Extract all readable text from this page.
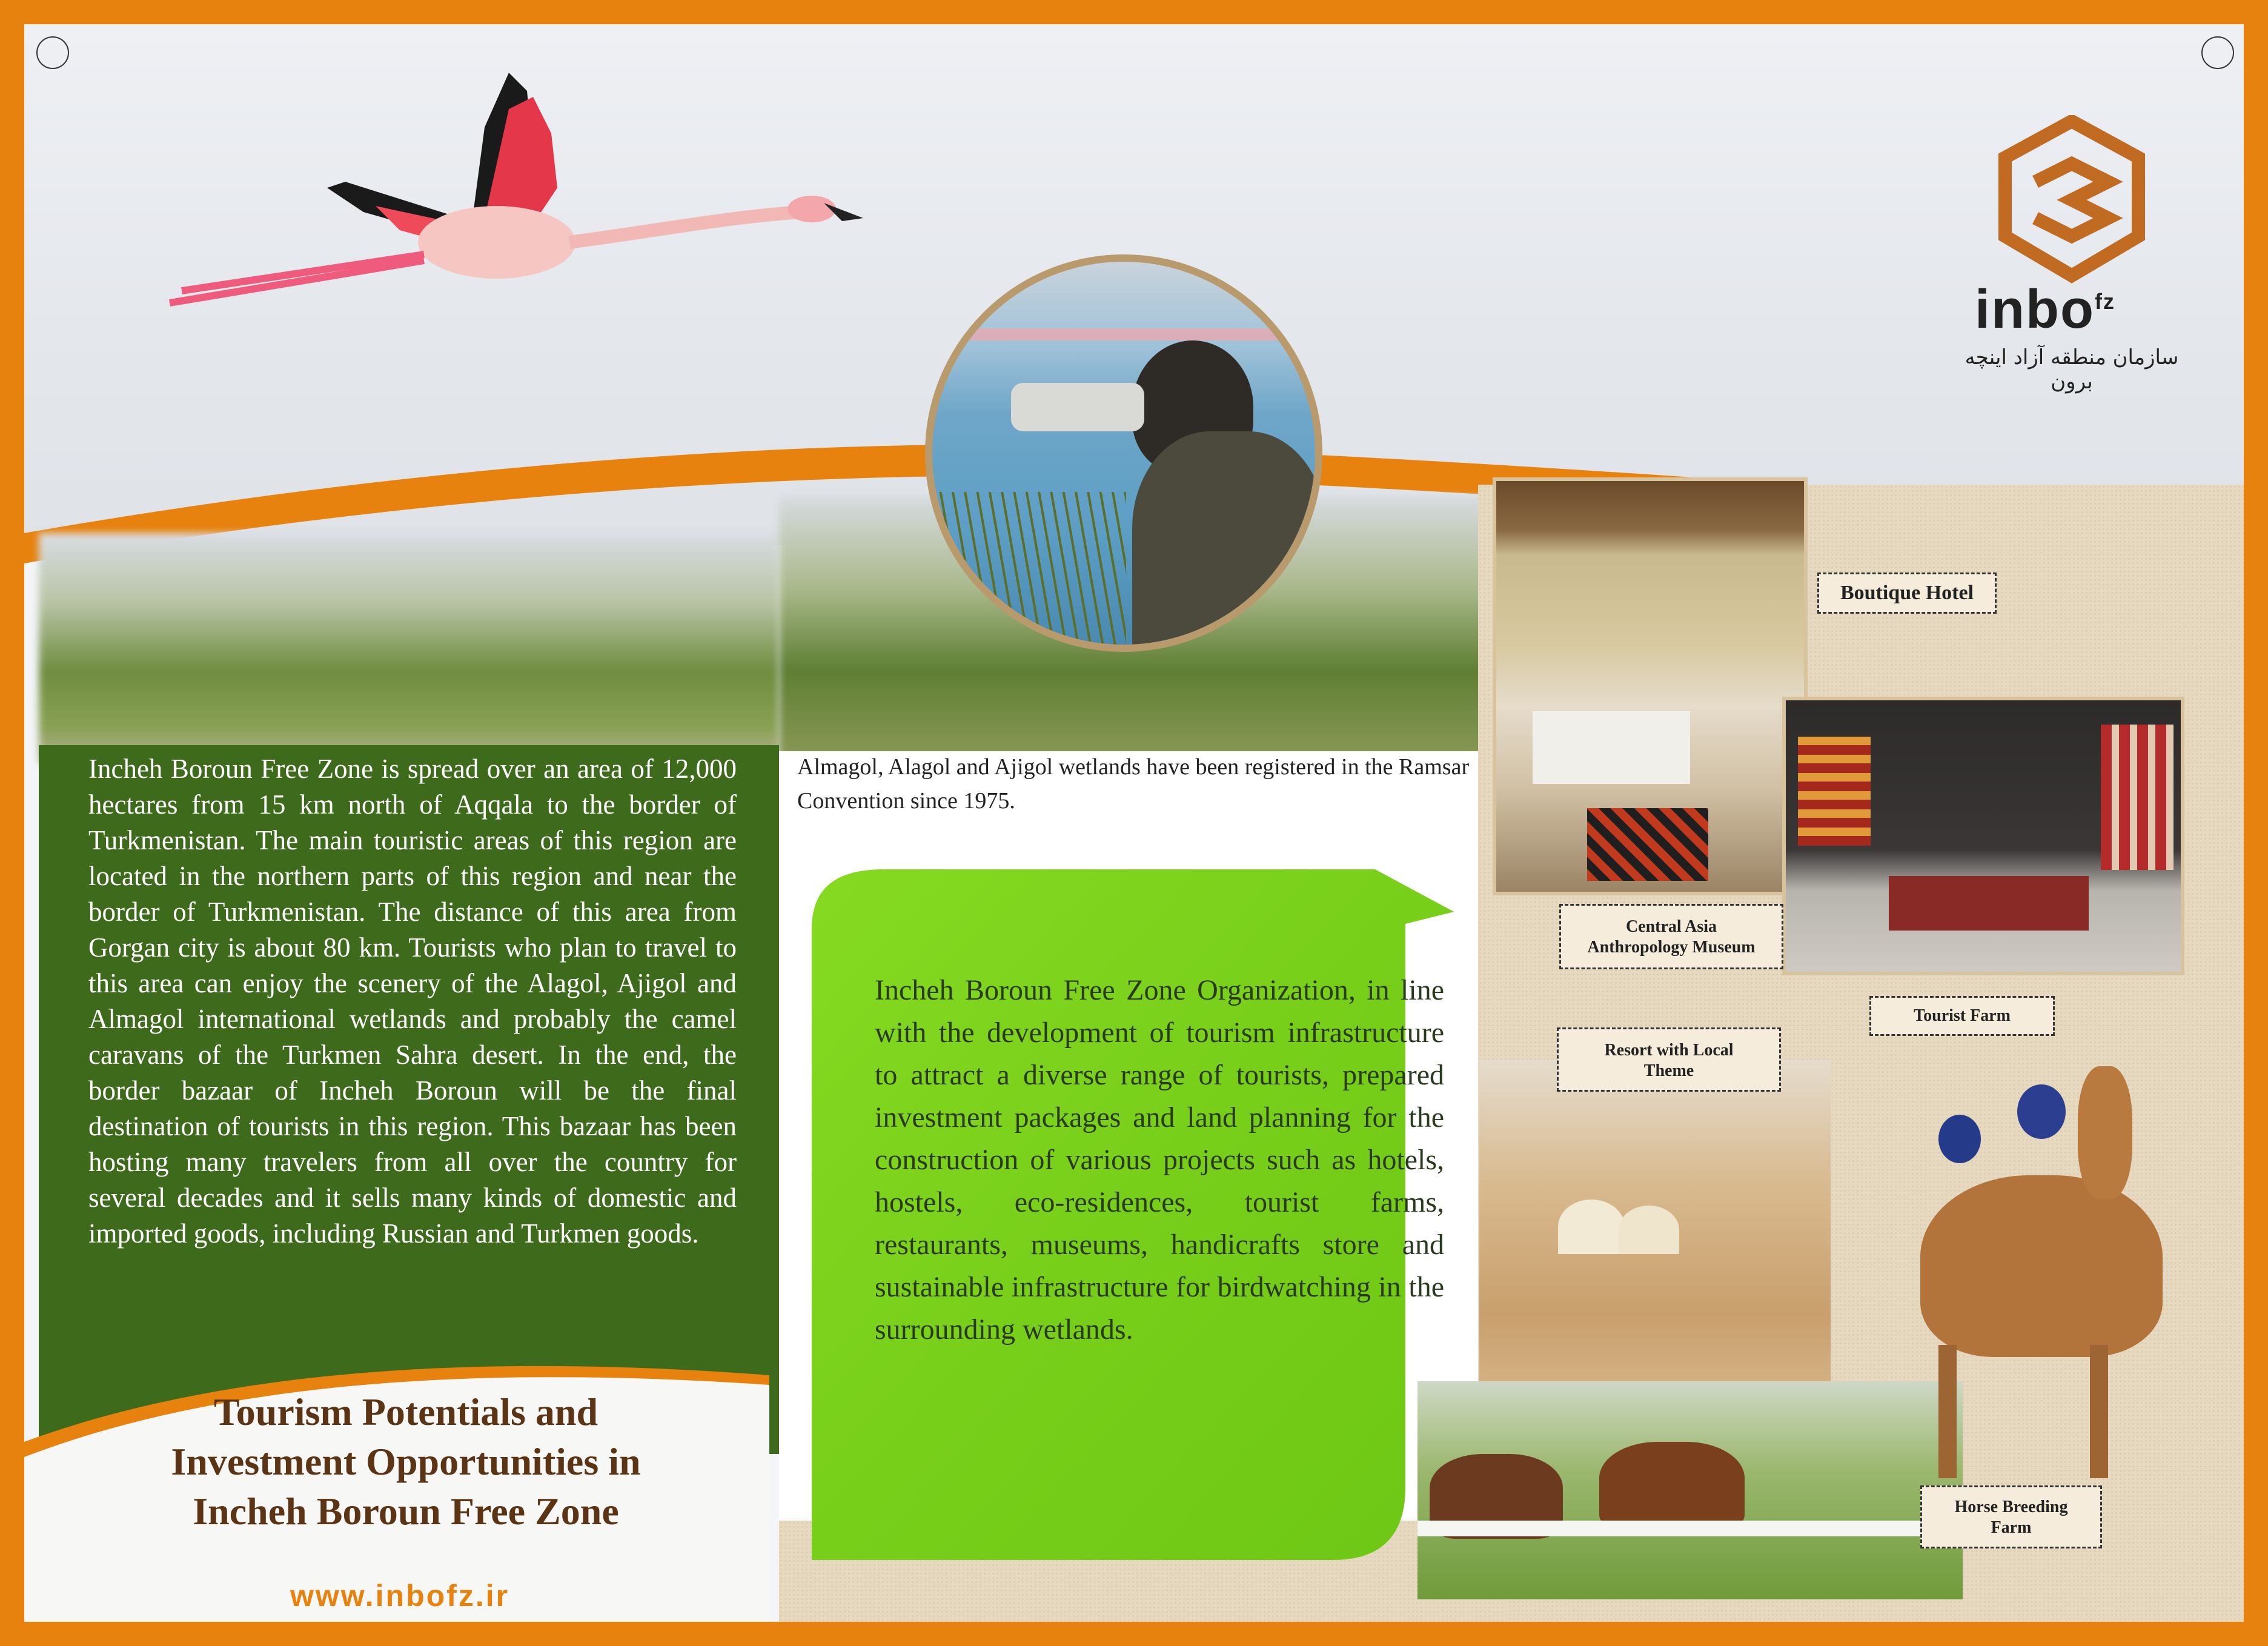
inbo$^{fz}$
سازمان منطقه آزاد اینچه برون
Incheh Boroun Free Zone is spread over an area of 12,000 hectares from 15 km north of Aqqala to the border of Turkmenistan. The main touristic areas of this region are located in the northern parts of this region and near the border of Turkmenistan. The distance of this area from Gorgan city is about 80 km. Tourists who plan to travel to this area can enjoy the scenery of the Alagol, Ajigol and Almagol international wetlands and probably the camel caravans of the Turkmen Sahra desert. In the end, the border bazaar of Incheh Boroun will be the final destination of tourists in this region. This bazaar has been hosting many travelers from all over the country for several decades and it sells many kinds of domestic and imported goods, including Russian and Turkmen goods.
Tourism Potentials and
Investment Opportunities in
Incheh Boroun Free Zone
www.inbofz.ir
Almagol, Alagol and Ajigol wetlands have been registered in the Ramsar Convention since 1975.
Incheh Boroun Free Zone Organization, in line with the development of tourism infrastructure to attract a diverse range of tourists, prepared investment packages and land planning for the construction of various projects such as hotels, hostels, eco-residences, tourist farms, restaurants, museums, handicrafts store and sustainable infrastructure for birdwatching in the surrounding wetlands.
Boutique Hotel
Central Asia
Anthropology Museum
Resort with Local
Theme
Tourist Farm
Horse Breeding
Farm
